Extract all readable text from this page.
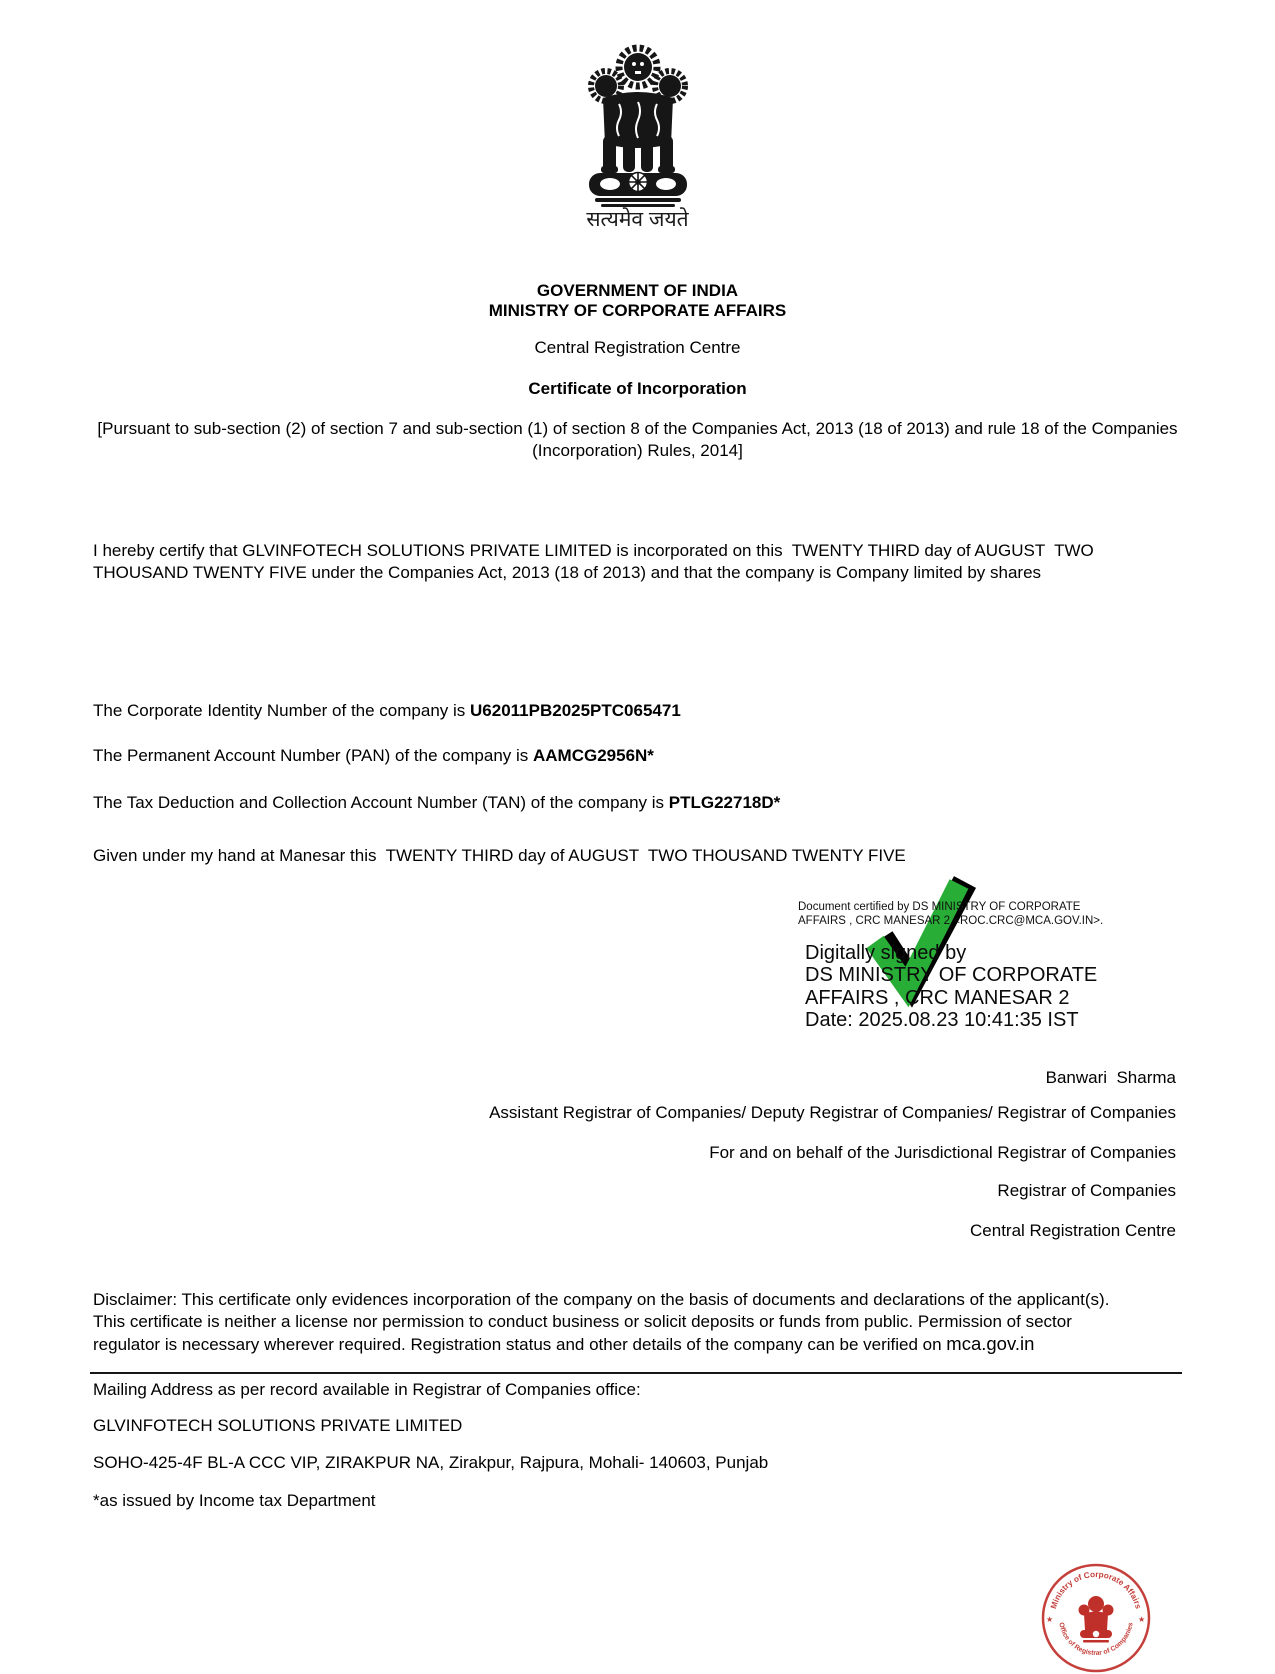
सत्यमेव जयते
GOVERNMENT OF INDIA
MINISTRY OF CORPORATE AFFAIRS
Central Registration Centre
Certificate of Incorporation
[Pursuant to sub-section (2) of section 7 and sub-section (1) of section 8 of the Companies Act, 2013 (18 of 2013) and rule 18 of the Companies (Incorporation) Rules, 2014]
I hereby certify that GLVINFOTECH SOLUTIONS PRIVATE LIMITED is incorporated on this  TWENTY THIRD day of AUGUST  TWO THOUSAND TWENTY FIVE under the Companies Act, 2013 (18 of 2013) and that the company is Company limited by shares
The Corporate Identity Number of the company is U62011PB2025PTC065471
The Permanent Account Number (PAN) of the company is AAMCG2956N*
The Tax Deduction and Collection Account Number (TAN) of the company is PTLG22718D*
Given under my hand at Manesar this  TWENTY THIRD day of AUGUST  TWO THOUSAND TWENTY FIVE
Document certified by DS MINISTRY OF CORPORATE
AFFAIRS , CRC MANESAR 2 <ROC.CRC@MCA.GOV.IN>.
Digitally signed by
DS MINISTRY OF CORPORATE
AFFAIRS , CRC MANESAR 2
Date: 2025.08.23 10:41:35 IST
Banwari  Sharma
Assistant Registrar of Companies/ Deputy Registrar of Companies/ Registrar of Companies
For and on behalf of the Jurisdictional Registrar of Companies
Registrar of Companies
Central Registration Centre
Disclaimer: This certificate only evidences incorporation of the company on the basis of documents and declarations of the applicant(s). This certificate is neither a license nor permission to conduct business or solicit deposits or funds from public. Permission of sector regulator is necessary wherever required. Registration status and other details of the company can be verified on mca.gov.in
Mailing Address as per record available in Registrar of Companies office:
GLVINFOTECH SOLUTIONS PRIVATE LIMITED
SOHO-425-4F BL-A CCC VIP, ZIRAKPUR NA, Zirakpur, Rajpura, Mohali- 140603, Punjab
*as issued by Income tax Department
Ministry of Corporate Affairs
Office of Registrar of Companies
★	★
